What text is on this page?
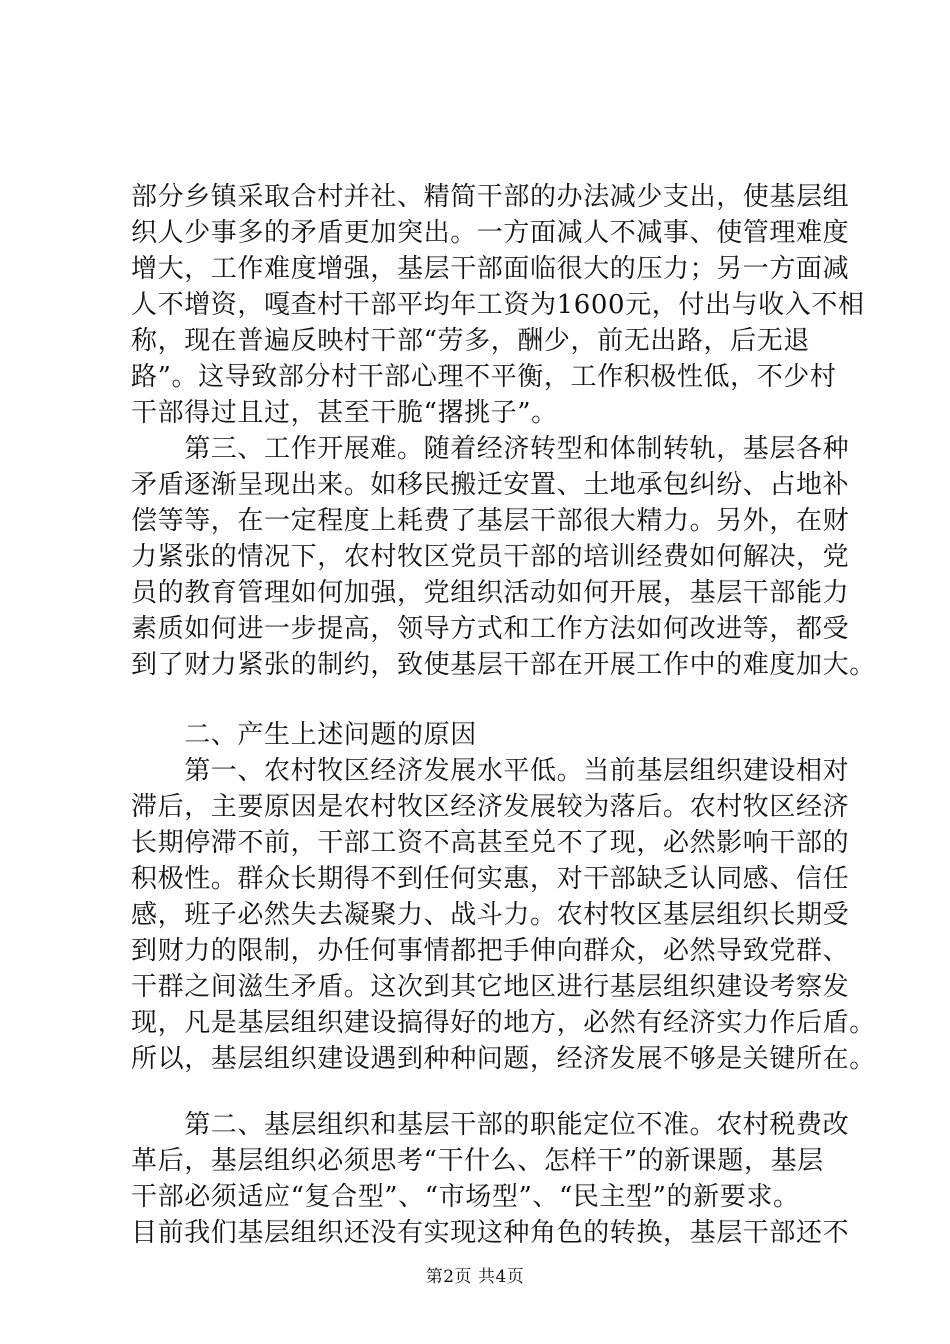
部分乡镇采取合村并社、精简干部的办法减少支出，使基层组
织人少事多的矛盾更加突出。一方面减人不减事、使管理难度
增大，工作难度增强，基层干部面临很大的压力；另一方面减
人不增资，嘎查村干部平均年工资为1600元，付出与收入不相
称，现在普遍反映村干部“劳多，酬少，前无出路，后无退
路”。这导致部分村干部心理不平衡，工作积极性低，不少村
干部得过且过，甚至干脆“撂挑子”。
　　第三、工作开展难。随着经济转型和体制转轨，基层各种
矛盾逐渐呈现出来。如移民搬迁安置、土地承包纠纷、占地补
偿等等，在一定程度上耗费了基层干部很大精力。另外，在财
力紧张的情况下，农村牧区党员干部的培训经费如何解决，党
员的教育管理如何加强，党组织活动如何开展，基层干部能力
素质如何进一步提高，领导方式和工作方法如何改进等，都受
到了财力紧张的制约，致使基层干部在开展工作中的难度加大。
　　二、产生上述问题的原因
　　第一、农村牧区经济发展水平低。当前基层组织建设相对
滞后，主要原因是农村牧区经济发展较为落后。农村牧区经济
长期停滞不前，干部工资不高甚至兑不了现，必然影响干部的
积极性。群众长期得不到任何实惠，对干部缺乏认同感、信任
感，班子必然失去凝聚力、战斗力。农村牧区基层组织长期受
到财力的限制，办任何事情都把手伸向群众，必然导致党群、
干群之间滋生矛盾。这次到其它地区进行基层组织建设考察发
现，凡是基层组织建设搞得好的地方，必然有经济实力作后盾。
所以，基层组织建设遇到种种问题，经济发展不够是关键所在。
　　第二、基层组织和基层干部的职能定位不准。农村税费改
革后，基层组织必须思考“干什么、怎样干”的新课题，基层
干部必须适应“复合型”、“市场型”、“民主型”的新要求。
目前我们基层组织还没有实现这种角色的转换，基层干部还不
第2页 共4页
